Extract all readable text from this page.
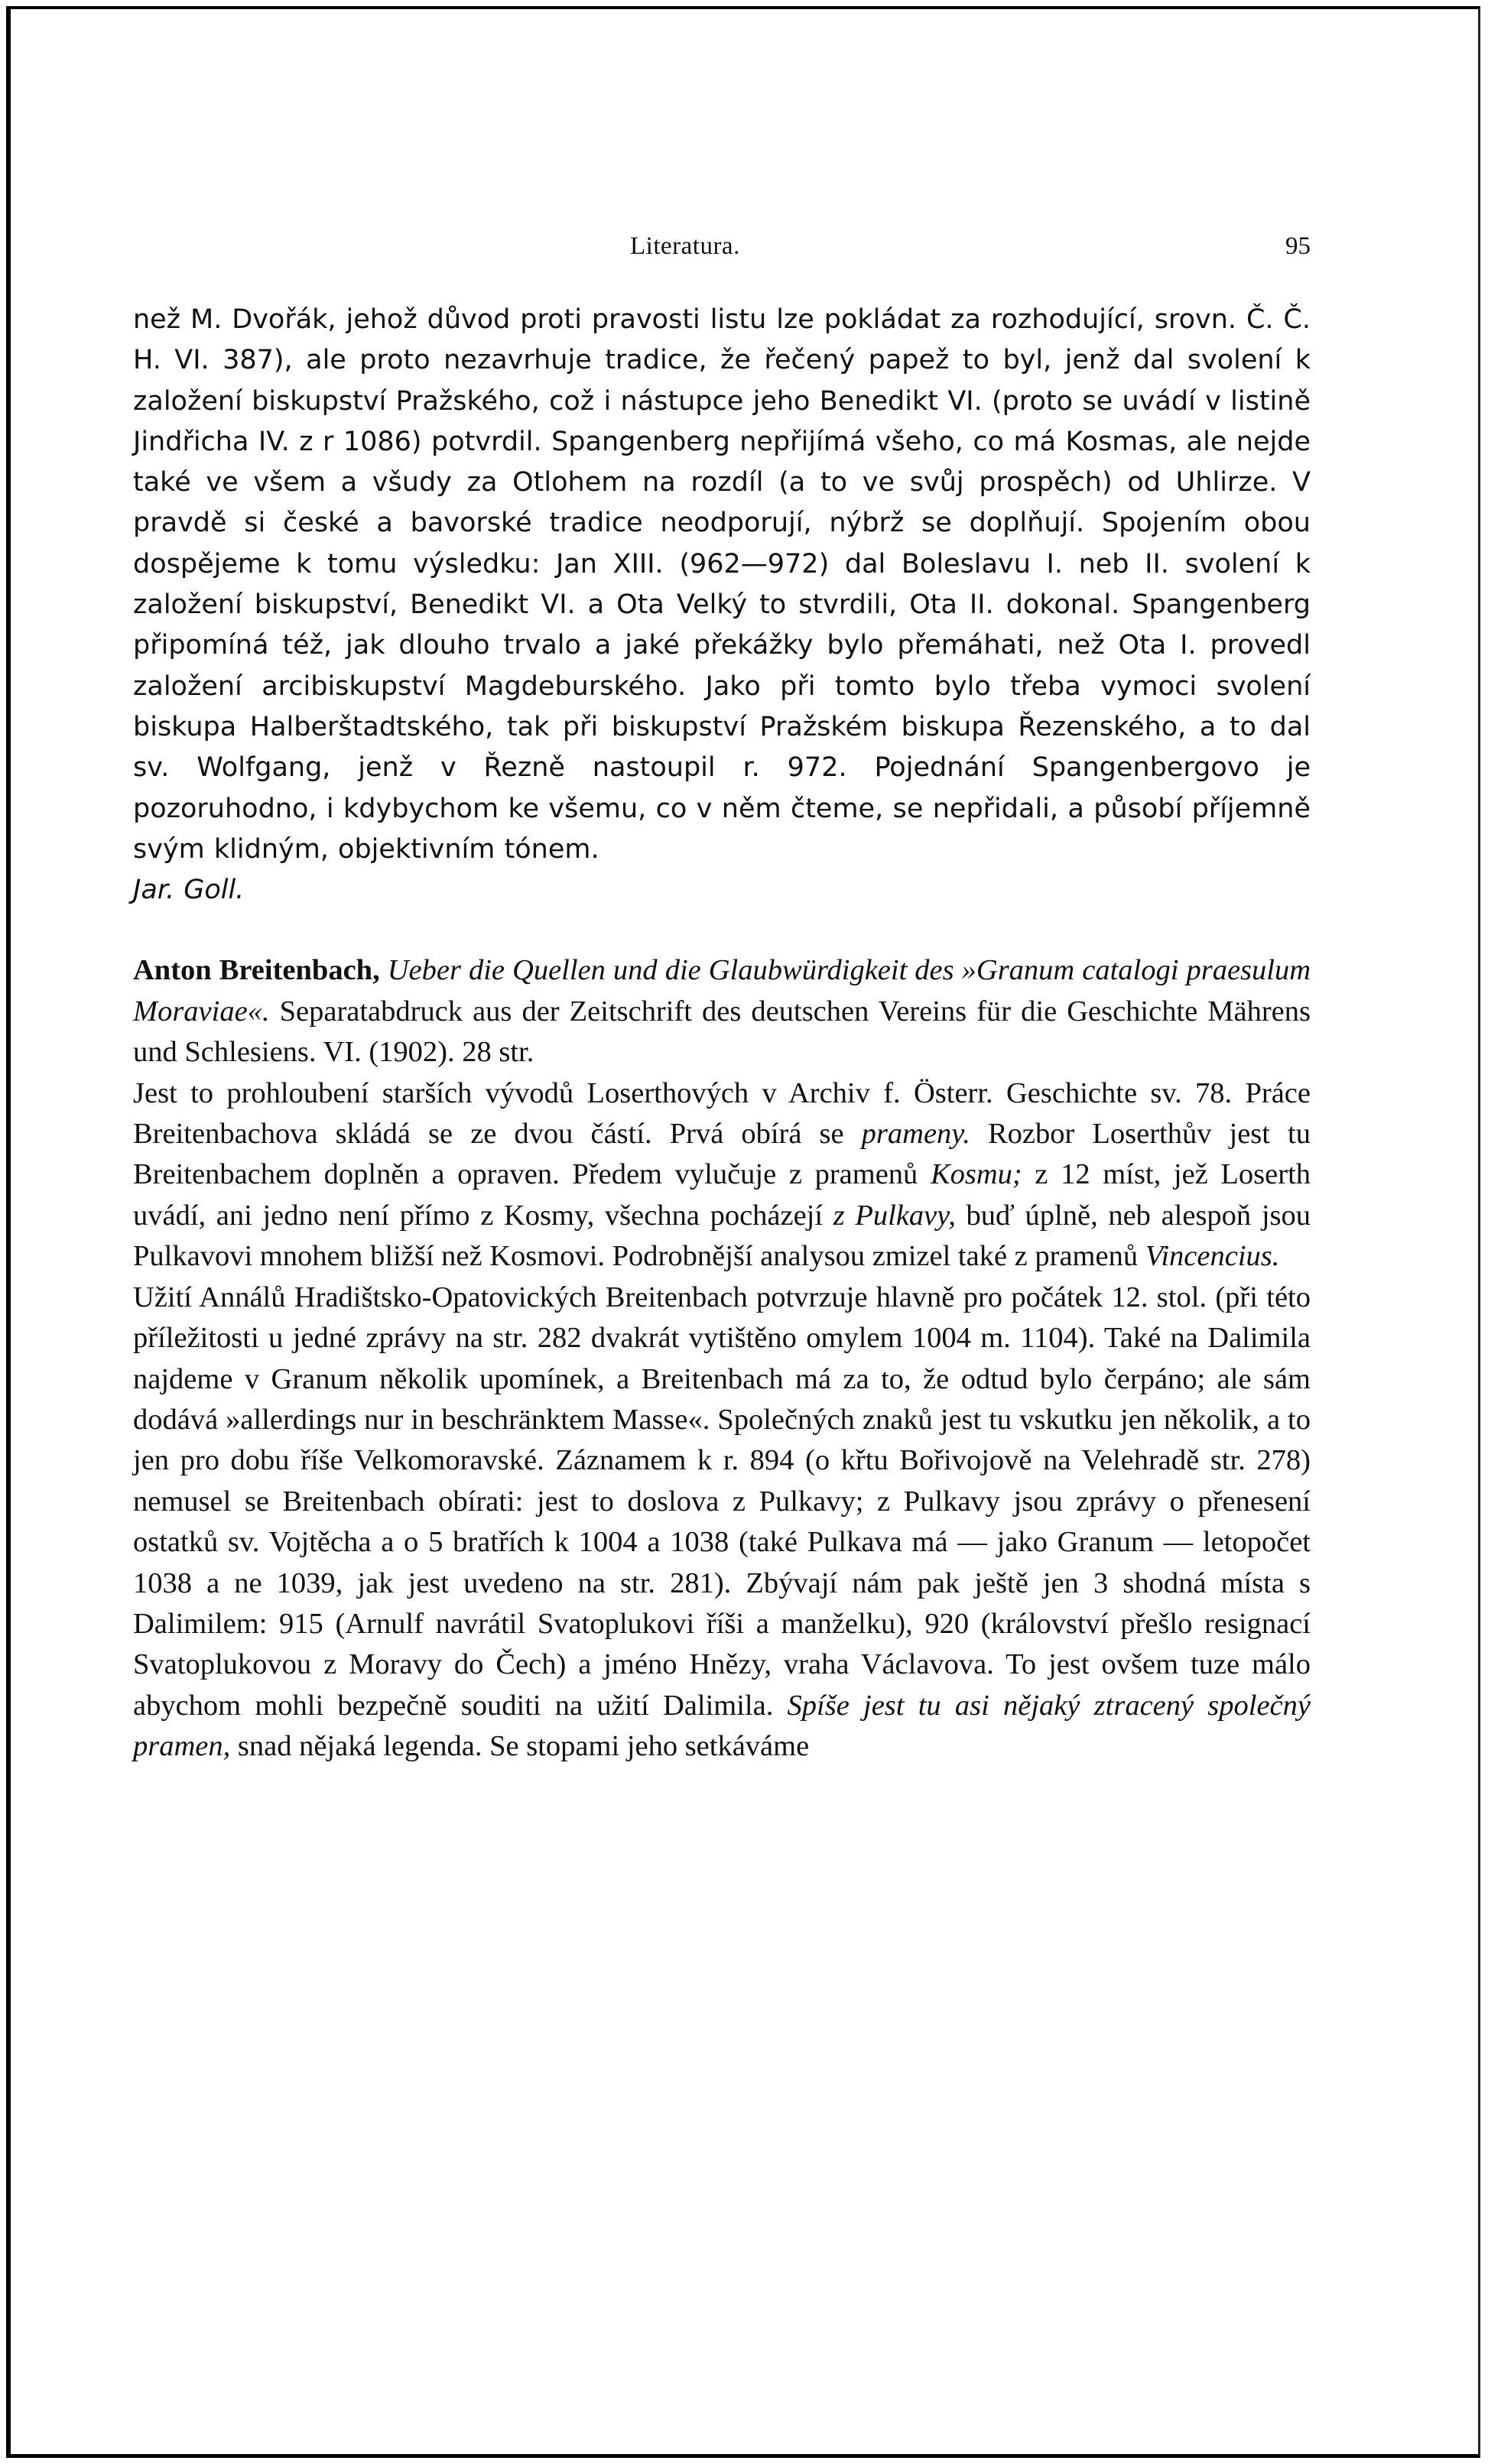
Literatura.	95

než M. Dvořák, jehož důvod proti pravosti listu lze pokládat za rozhodující, srovn. Č. Č. H. VI. 387), ale proto nezavrhuje tradice, že řečený papež to byl, jenž dal svolení k založení biskupství Pražského, což i nástupce jeho Benedikt VI. (proto se uvádí v listině Jindřicha IV. z r 1086) potvrdil. Spangenberg nepřijímá všeho, co má Kosmas, ale nejde také ve všem a všudy za Otlohem na rozdíl (a to ve svůj prospěch) od Uhlirze. V pravdě si české a bavorské tradice neodporují, nýbrž se doplňují. Spojením obou dospějeme k tomu výsledku: Jan XIII. (962—972) dal Boleslavu I. neb II. svolení k založení biskupství, Benedikt VI. a Ota Velký to stvrdili, Ota II. dokonal. Spangenberg připomíná též, jak dlouho trvalo a jaké překážky bylo přemáhati, než Ota I. provedl založení arcibiskupství Magdeburského. Jako při tomto bylo třeba vymoci svolení biskupa Halberštadtského, tak při biskupství Pražském biskupa Řezenského, a to dal sv. Wolfgang, jenž v Řezně nastoupil r. 972. Pojednání Spangenbergovo je pozoruhodno, i kdybychom ke všemu, co v něm čteme, se nepřidali, a působí příjemně svým klidným, objektivním tónem.

Jar. Goll.

Anton Breitenbach, Ueber die Quellen und die Glaubwürdigkeit des »Granum catalogi praesulum Moraviae«. Separatabdruck aus der Zeitschrift des deutschen Vereins für die Geschichte Mährens und Schlesiens. VI. (1902). 28 str.

Jest to prohloubení starších vývodů Loserthových v Archiv f. Österr. Geschichte sv. 78. Práce Breitenbachova skládá se ze dvou částí. Prvá obírá se prameny. Rozbor Loserthův jest tu Breitenbachem doplněn a opraven. Předem vylučuje z pramenů Kosmu; z 12 míst, jež Loserth uvádí, ani jedno není přímo z Kosmy, všechna pocházejí z Pulkavy, buď úplně, neb alespoň jsou Pulkavovi mnohem bližší než Kosmovi. Podrobnější analysou zmizel také z pramenů Vincencius.

Užití Annálů Hradištsko-Opatovických Breitenbach potvrzuje hlavně pro počátek 12. stol. (při této příležitosti u jedné zprávy na str. 282 dvakrát vytištěno omylem 1004 m. 1104). Také na Dalimila najdeme v Granum několik upomínek, a Breitenbach má za to, že odtud bylo čerpáno; ale sám dodává »allerdings nur in beschränktem Masse«. Společných znaků jest tu vskutku jen několik, a to jen pro dobu říše Velkomoravské. Záznamem k r. 894 (o křtu Bořivojově na Velehradě str. 278) nemusel se Breitenbach obírati: jest to doslova z Pulkavy; z Pulkavy jsou zprávy o přenesení ostatků sv. Vojtěcha a o 5 bratřích k 1004 a 1038 (také Pulkava má — jako Granum — letopočet 1038 a ne 1039, jak jest uvedeno na str. 281). Zbývají nám pak ještě jen 3 shodná místa s Dalimilem: 915 (Arnulf navrátil Svatoplukovi říši a manželku), 920 (království přešlo resignací Svatoplukovou z Moravy do Čech) a jméno Hnězy, vraha Václavova. To jest ovšem tuze málo abychom mohli bezpečně souditi na užití Dalimila. Spíše jest tu asi nějaký ztracený společný pramen, snad nějaká legenda. Se stopami jeho setkáváme
